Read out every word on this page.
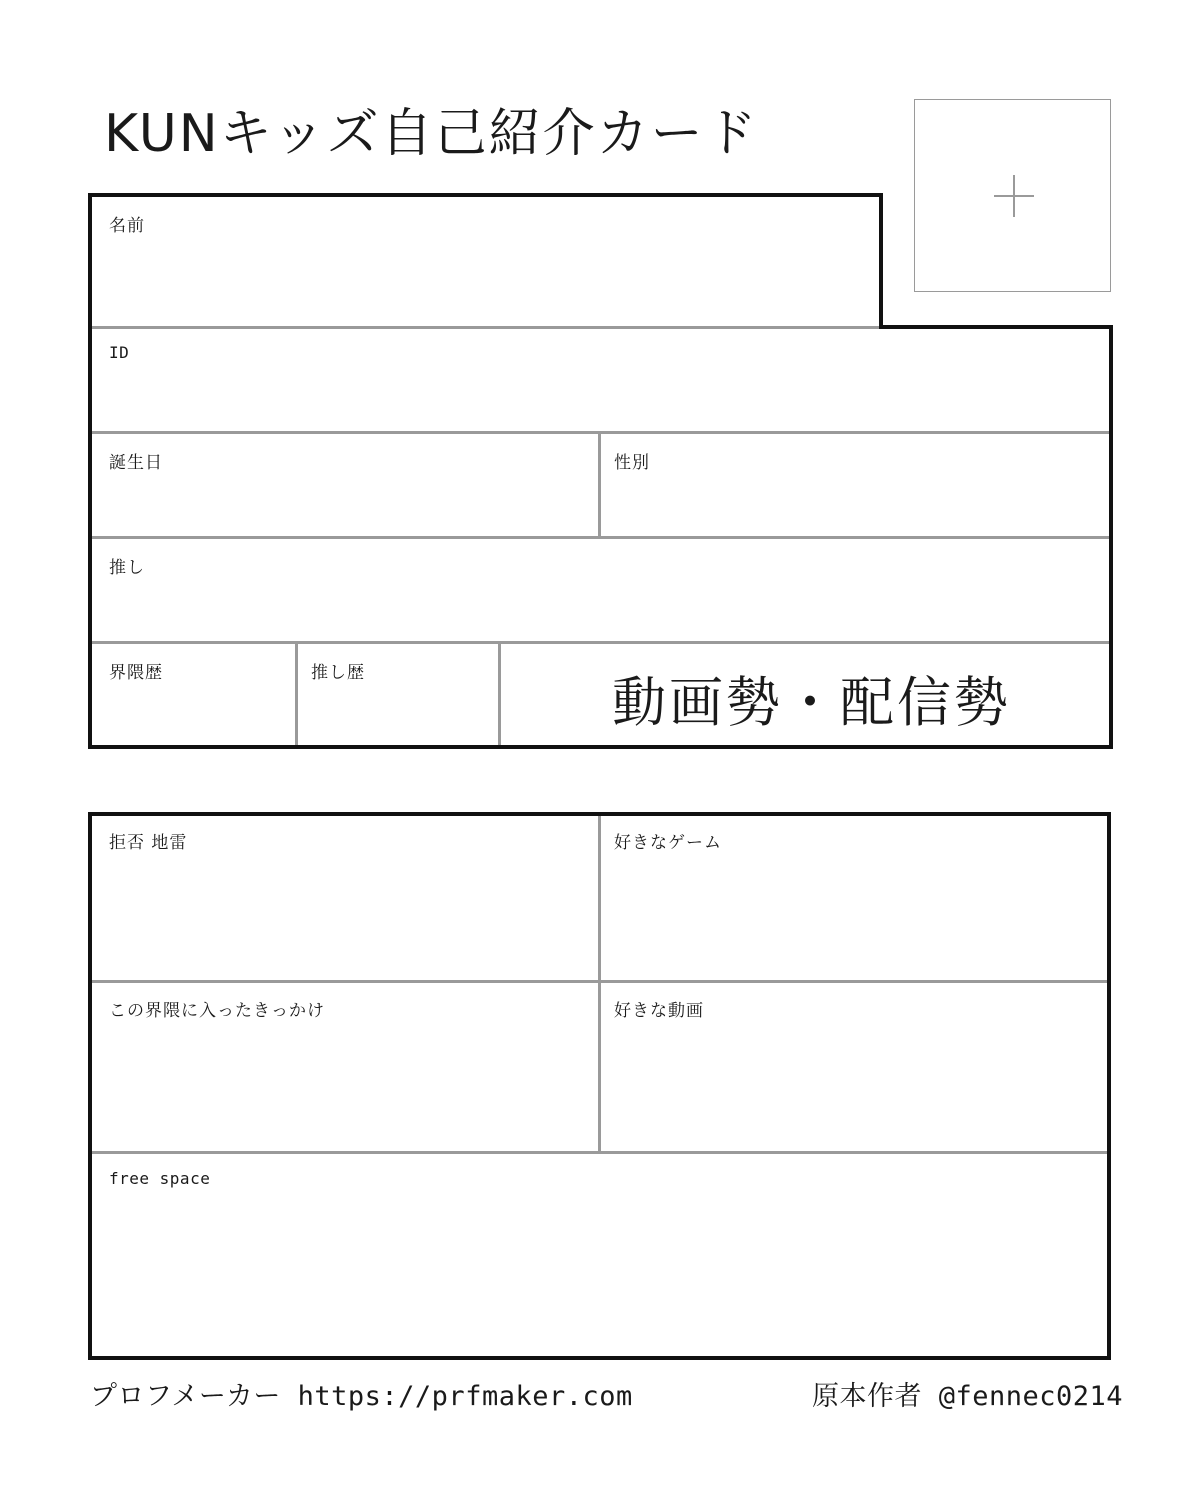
KUNキッズ自己紹介カード
名前
ID
誕生日	性別
推し
界隈歴	推し歴	動画勢・配信勢
拒否 地雷	好きなゲーム
この界隈に入ったきっかけ	好きな動画
free space
プロフメーカー https://prfmaker.com	原本作者 @fennec0214
